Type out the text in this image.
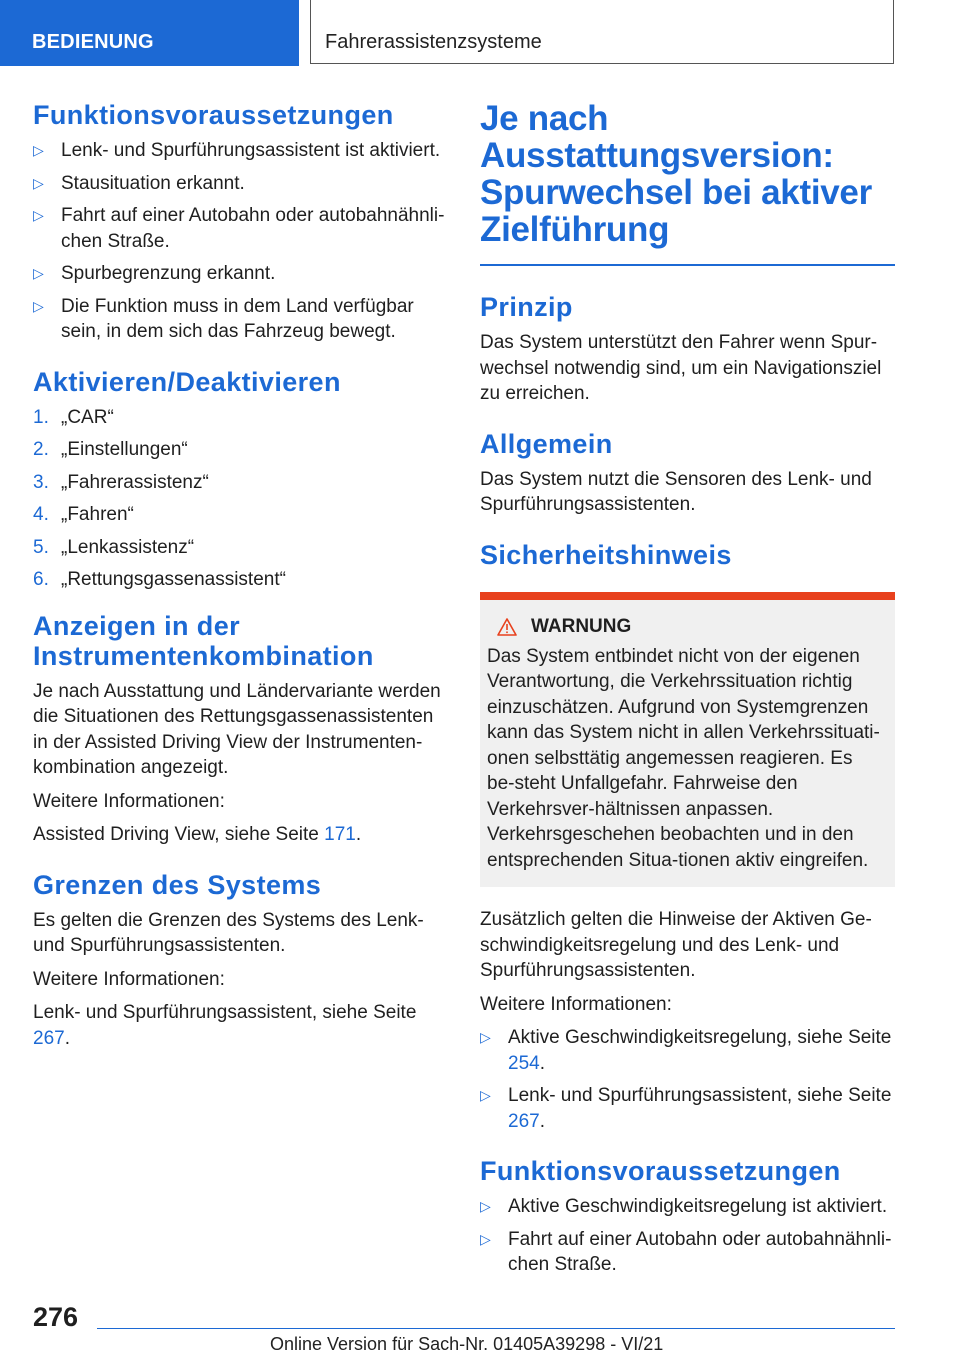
BEDIENUNG	Fahrerassistenzsysteme
Funktionsvoraussetzungen
▷ Lenk- und Spurführungsassistent ist aktiviert.
▷ Stausituation erkannt.
▷ Fahrt auf einer Autobahn oder autobahnähnli-chen Straße.
▷ Spurbegrenzung erkannt.
▷ Die Funktion muss in dem Land verfügbar sein, in dem sich das Fahrzeug bewegt.
Aktivieren/Deaktivieren
1. „CAR“
2. „Einstellungen“
3. „Fahrerassistenz“
4. „Fahren“
5. „Lenkassistenz“
6. „Rettungsgassenassistent“
Anzeigen in der Instrumentenkombination

Je nach Ausstattung und Ländervariante werden die Situationen des Rettungsgassenassistenten in der Assisted Driving View der Instrumenten-kombination angezeigt.

Weitere Informationen:

Assisted Driving View, siehe Seite 171.

Grenzen des Systems

Es gelten die Grenzen des Systems des Lenk- und Spurführungsassistenten.

Weitere Informationen:

Lenk- und Spurführungsassistent, siehe Seite 267.

Je nach Ausstattungsversion: Spurwechsel bei aktiver Zielführung
Prinzip

Das System unterstützt den Fahrer wenn Spur-wechsel notwendig sind, um ein Navigationsziel zu erreichen.

Allgemein

Das System nutzt die Sensoren des Lenk- und Spurführungsassistenten.

Sicherheitshinweis
WARNUNG

Das System entbindet nicht von der eigenen Verantwortung, die Verkehrssituation richtig einzuschätzen. Aufgrund von Systemgrenzen kann das System nicht in allen Verkehrssituati-onen selbsttätig angemessen reagieren. Es be-steht Unfallgefahr. Fahrweise den Verkehrsver-hältnissen anpassen. Verkehrsgeschehen beobachten und in den entsprechenden Situa-tionen aktiv eingreifen.

Zusätzlich gelten die Hinweise der Aktiven Ge-schwindigkeitsregelung und des Lenk- und Spurführungsassistenten.

Weitere Informationen:

▷ Aktive Geschwindigkeitsregelung, siehe Seite 254.
▷ Lenk- und Spurführungsassistent, siehe Seite 267.
Funktionsvoraussetzungen
▷ Aktive Geschwindigkeitsregelung ist aktiviert.
▷ Fahrt auf einer Autobahn oder autobahnähnli-chen Straße.
276
Online Version für Sach-Nr. 01405A39298 - VI/21
